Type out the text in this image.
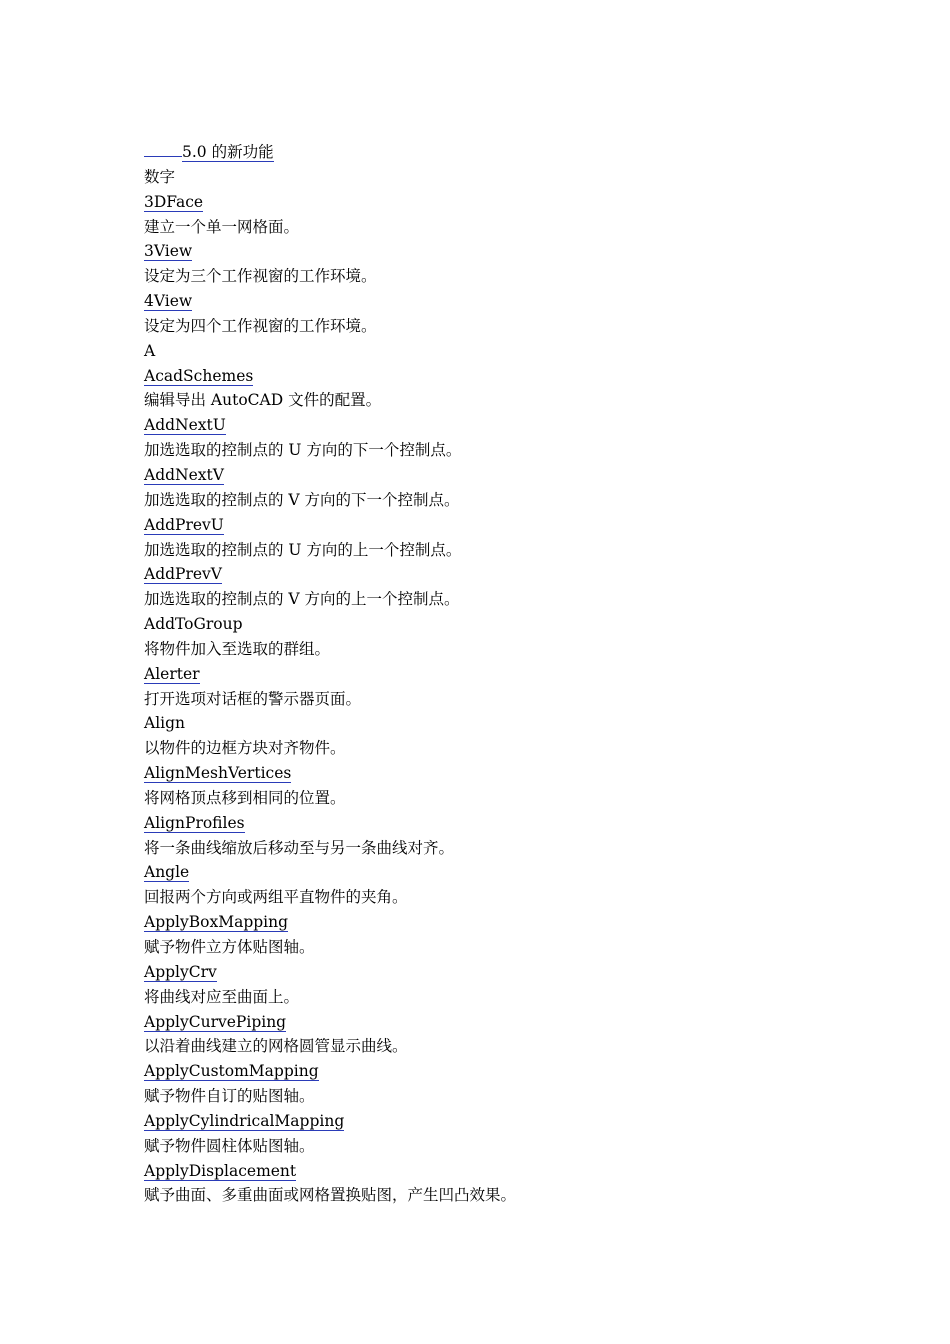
5.0 的新功能
数字
3DFace
建立一个单一网格面。
3View
设定为三个工作视窗的工作环境。
4View
设定为四个工作视窗的工作环境。
A
AcadSchemes
编辑导出 AutoCAD 文件的配置。
AddNextU
加选选取的控制点的 U 方向的下一个控制点。
AddNextV
加选选取的控制点的 V 方向的下一个控制点。
AddPrevU
加选选取的控制点的 U 方向的上一个控制点。
AddPrevV
加选选取的控制点的 V 方向的上一个控制点。
AddToGroup
将物件加入至选取的群组。
Alerter
打开选项对话框的警示器页面。
Align
以物件的边框方块对齐物件。
AlignMeshVertices
将网格顶点移到相同的位置。
AlignProfiles
将一条曲线缩放后移动至与另一条曲线对齐。
Angle
回报两个方向或两组平直物件的夹角。
ApplyBoxMapping
赋予物件立方体贴图轴。
ApplyCrv
将曲线对应至曲面上。
ApplyCurvePiping
以沿着曲线建立的网格圆管显示曲线。
ApplyCustomMapping
赋予物件自订的贴图轴。
ApplyCylindricalMapping
赋予物件圆柱体贴图轴。
ApplyDisplacement
赋予曲面、多重曲面或网格置换贴图，产生凹凸效果。
